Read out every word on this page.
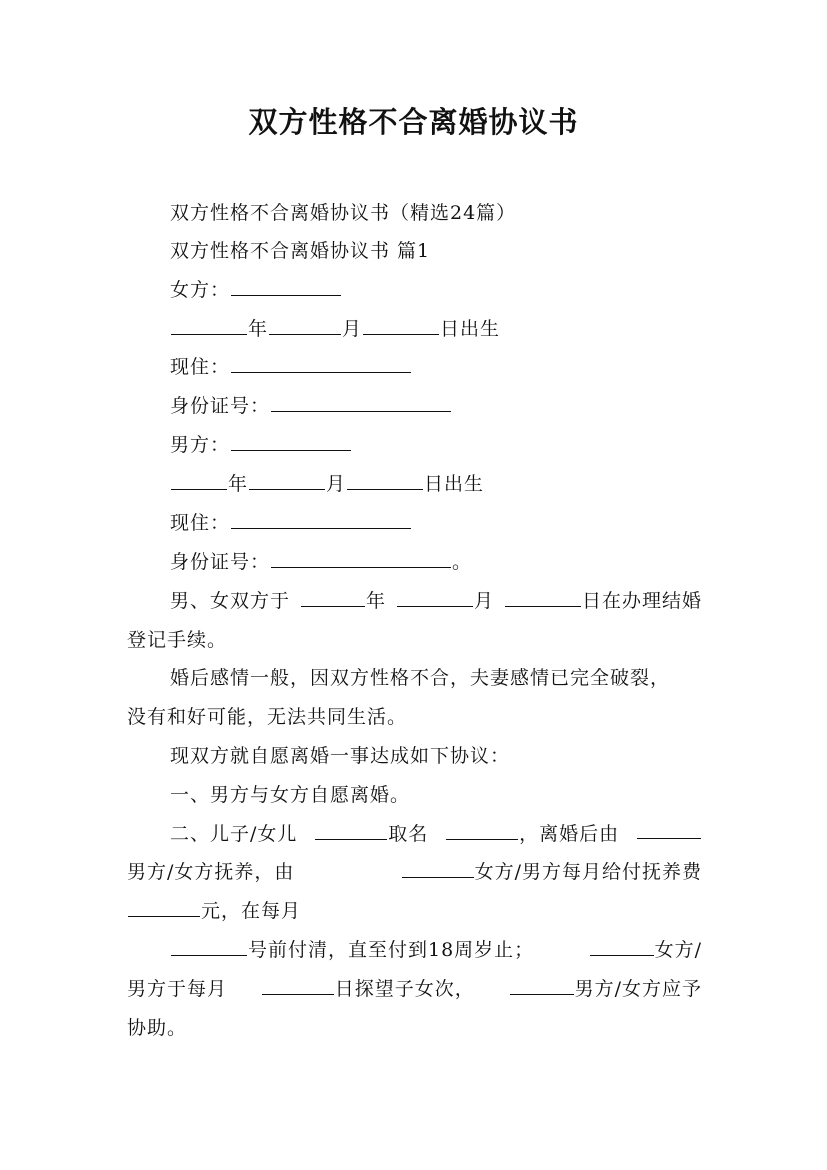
双方性格不合离婚协议书
双方性格不合离婚协议书（精选24篇）
双方性格不合离婚协议书 篇1
女方：
年	月	日出生
现住：
身份证号：
男方：
年	月	日出生
现住：
身份证号：	。
男、女双方于	年	月	日在办理结婚
登记手续。
婚后感情一般，因双方性格不合，夫妻感情已完全破裂，
没有和好可能，无法共同生活。
现双方就自愿离婚一事达成如下协议：
一、男方与女方自愿离婚。
二、儿子/女儿	取名	，离婚后由
男方/女方抚养，由	女方/男方每月给付抚养费
元，在每月
号前付清，直至付到18周岁止；	女方/
男方于每月	日探望子女次，	男方/女方应予
协助。
